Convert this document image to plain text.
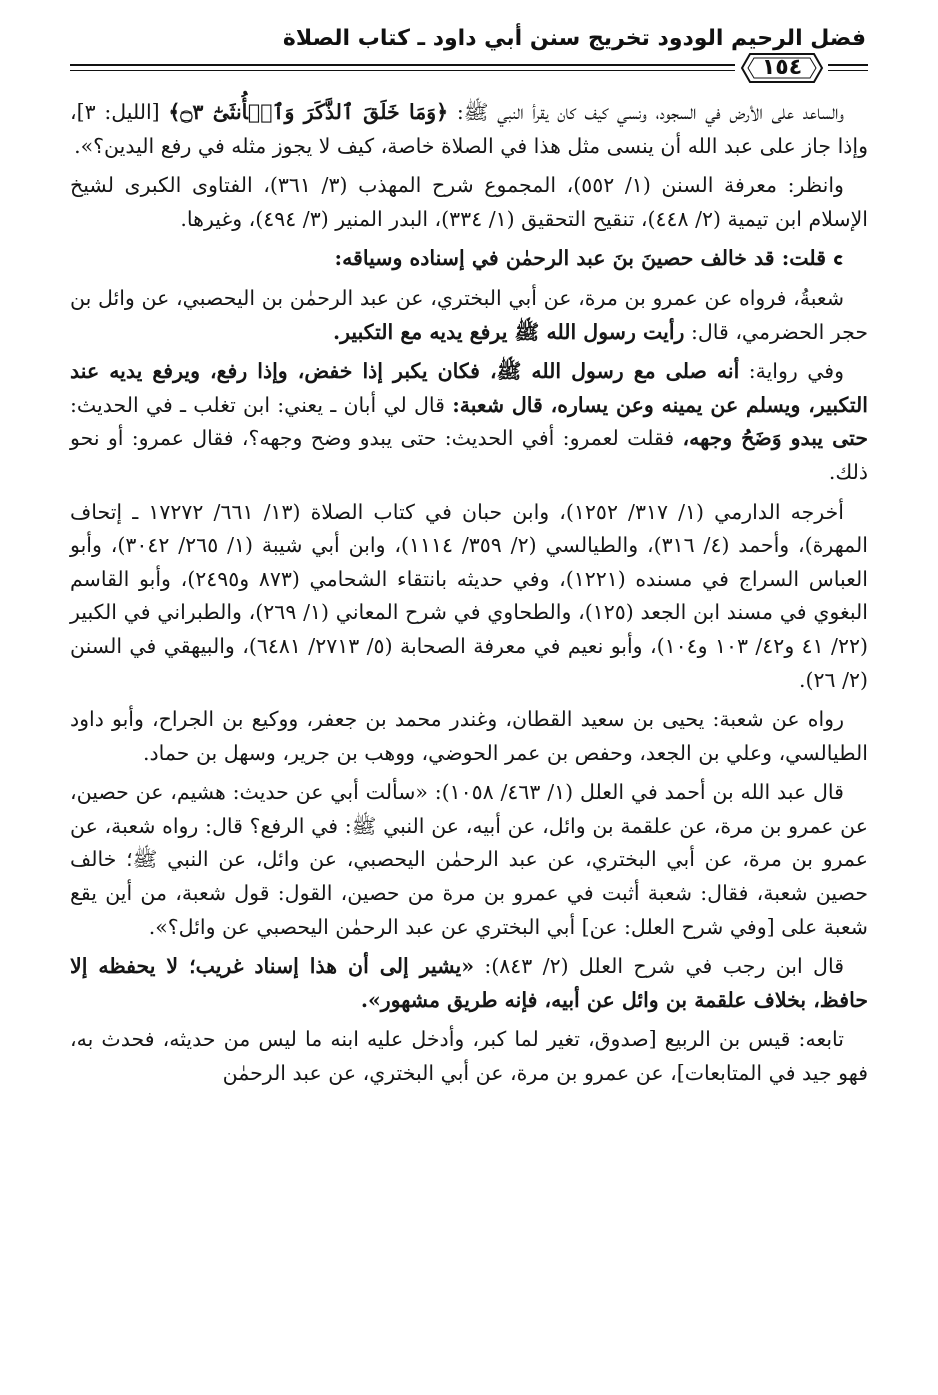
فضل الرحيم الودود تخريج سنن أبي داود ـ كتاب الصلاة
١٥٤

والساعد على الأرض في السجود، ونسي كيف كان يقرأ النبي ﷺ: ﴿وَمَا خَلَقَ ٱلذَّكَرَ وَٱلۡأُنثَىٰٓ ۝٣﴾ [الليل: ٣]، وإذا جاز على عبد الله أن ينسى مثل هذا في الصلاة خاصة، كيف لا يجوز مثله في رفع اليدين؟».

وانظر: معرفة السنن (١/ ٥٥٢)، المجموع شرح المهذب (٣/ ٣٦١)، الفتاوى الكبرى لشيخ الإسلام ابن تيمية (٢/ ٤٤٨)، تنقيح التحقيق (١/ ٣٣٤)، البدر المنير (٣/ ٤٩٤)، وغيرها.

قلت: قد خالف حصينَ بنَ عبد الرحمٰن في إسناده وسياقه:

شعبةُ، فرواه عن عمرو بن مرة، عن أبي البختري، عن عبد الرحمٰن بن اليحصبي، عن وائل بن حجر الحضرمي، قال: رأيت رسول الله ﷺ يرفع يديه مع التكبير.

وفي رواية: أنه صلى مع رسول الله ﷺ، فكان يكبر إذا خفض، وإذا رفع، ويرفع يديه عند التكبير، ويسلم عن يمينه وعن يساره، قال شعبة: قال لي أبان ـ يعني: ابن تغلب ـ في الحديث: حتى يبدو وَضَحُ وجهه، فقلت لعمرو: أفي الحديث: حتى يبدو وضح وجهه؟، فقال عمرو: أو نحو ذلك.

أخرجه الدارمي (١/ ٣١٧/ ١٢٥٢)، وابن حبان في كتاب الصلاة (١٣/ ٦٦١/ ١٧٢٧٢ ـ إتحاف المهرة)، وأحمد (٤/ ٣١٦)، والطيالسي (٢/ ٣٥٩/ ١١١٤)، وابن أبي شيبة (١/ ٢٦٥/ ٣٠٤٢)، وأبو العباس السراج في مسنده (١٢٢١)، وفي حديثه بانتقاء الشحامي (٨٧٣ و٢٤٩٥)، وأبو القاسم البغوي في مسند ابن الجعد (١٢٥)، والطحاوي في شرح المعاني (١/ ٢٦٩)، والطبراني في الكبير (٢٢/ ٤١ و٤٢/ ١٠٣ و١٠٤)، وأبو نعيم في معرفة الصحابة (٥/ ٢٧١٣/ ٦٤٨١)، والبيهقي في السنن (٢/ ٢٦).

رواه عن شعبة: يحيى بن سعيد القطان، وغندر محمد بن جعفر، ووكيع بن الجراح، وأبو داود الطيالسي، وعلي بن الجعد، وحفص بن عمر الحوضي، ووهب بن جرير، وسهل بن حماد.

قال عبد الله بن أحمد في العلل (١/ ٤٦٣/ ١٠٥٨): «سألت أبي عن حديث: هشيم، عن حصين، عن عمرو بن مرة، عن علقمة بن وائل، عن أبيه، عن النبي ﷺ: في الرفع؟ قال: رواه شعبة، عن عمرو بن مرة، عن أبي البختري، عن عبد الرحمٰن اليحصبي، عن وائل، عن النبي ﷺ؛ خالف حصين شعبة، فقال: شعبة أثبت في عمرو بن مرة من حصين، القول: قول شعبة، من أين يقع شعبة على [وفي شرح العلل: عن] أبي البختري عن عبد الرحمٰن اليحصبي عن وائل؟».

قال ابن رجب في شرح العلل (٢/ ٨٤٣): «يشير إلى أن هذا إسناد غريب؛ لا يحفظه إلا حافظ، بخلاف علقمة بن وائل عن أبيه، فإنه طريق مشهور».

تابعه: قيس بن الربيع [صدوق، تغير لما كبر، وأدخل عليه ابنه ما ليس من حديثه، فحدث به، فهو جيد في المتابعات]، عن عمرو بن مرة، عن أبي البختري، عن عبد الرحمٰن
